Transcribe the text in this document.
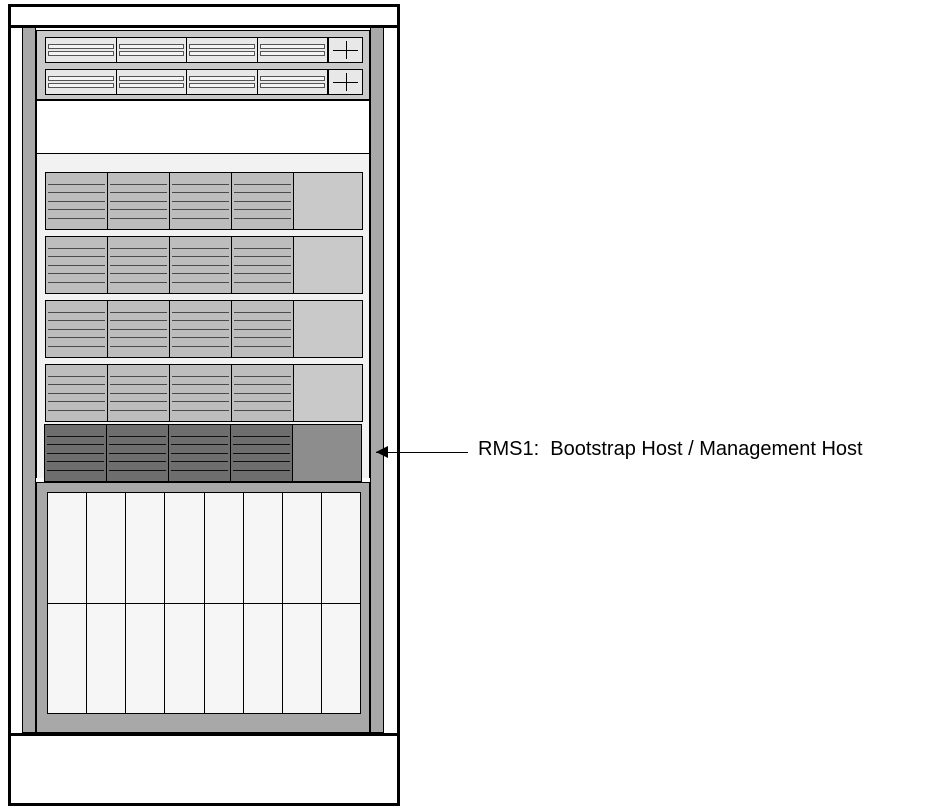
RMS1:  Bootstrap Host / Management Host
